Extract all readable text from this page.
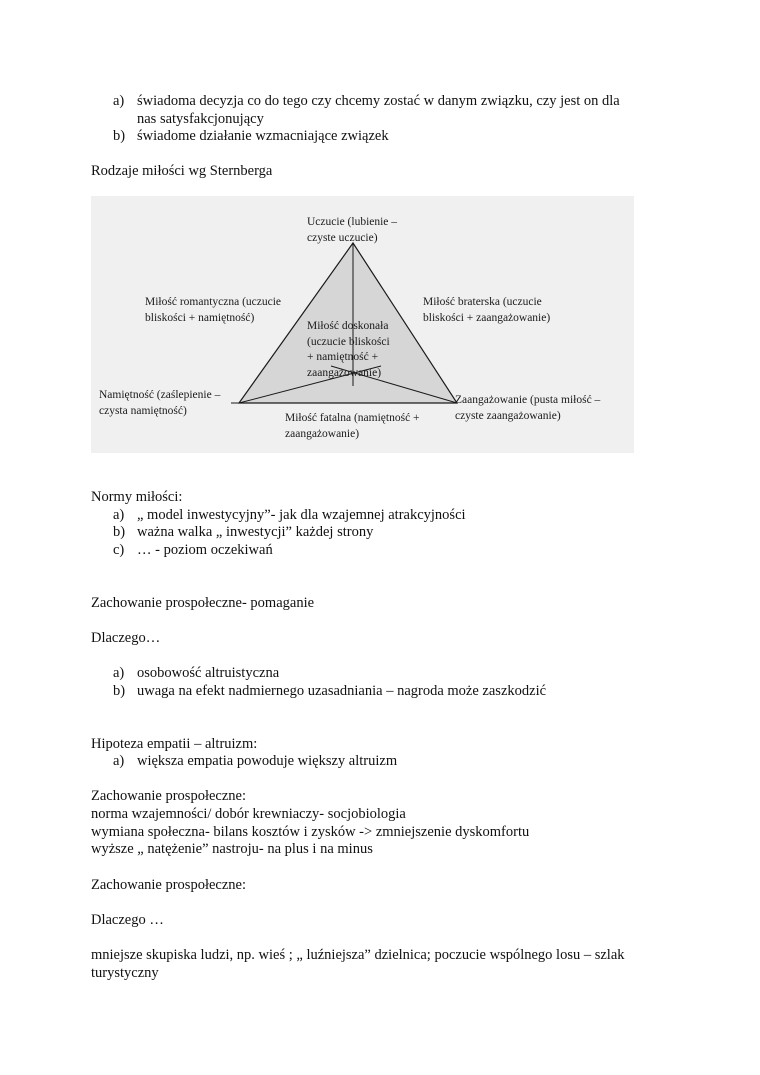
a) świadoma decyzja co do tego czy chcemy zostać w danym związku, czy jest on dla
nas satysfakcjonujący
b) świadome działanie wzmacniające związek
Rodzaje miłości wg Sternberga
Uczucie (lubienie –
czyste uczucie)
Miłość romantyczna (uczucie
bliskości + namiętność)
Miłość braterska (uczucie
bliskości + zaangażowanie)
Miłość doskonała
(uczucie bliskości
+ namiętność +
zaangażowanie)
Namiętność (zaślepienie –
czysta namiętność)
Zaangażowanie (pusta miłość –
czyste zaangażowanie)
Miłość fatalna (namiętność +
zaangażowanie)
Normy miłości:
a) „ model inwestycyjny”- jak dla wzajemnej atrakcyjności
b) ważna walka „ inwestycji” każdej strony
c) … - poziom oczekiwań
Zachowanie prospołeczne- pomaganie
Dlaczego…
a) osobowość altruistyczna
b) uwaga na efekt nadmiernego uzasadniania – nagroda może zaszkodzić
Hipoteza empatii – altruizm:
a) większa empatia powoduje większy altruizm
Zachowanie prospołeczne:
norma wzajemności/ dobór krewniaczy- socjobiologia
wymiana społeczna- bilans kosztów i zysków -> zmniejszenie dyskomfortu
wyższe „ natężenie” nastroju- na plus i na minus
Zachowanie prospołeczne:
Dlaczego …
mniejsze skupiska ludzi, np. wieś ; „ luźniejsza” dzielnica; poczucie wspólnego losu – szlak
turystyczny
